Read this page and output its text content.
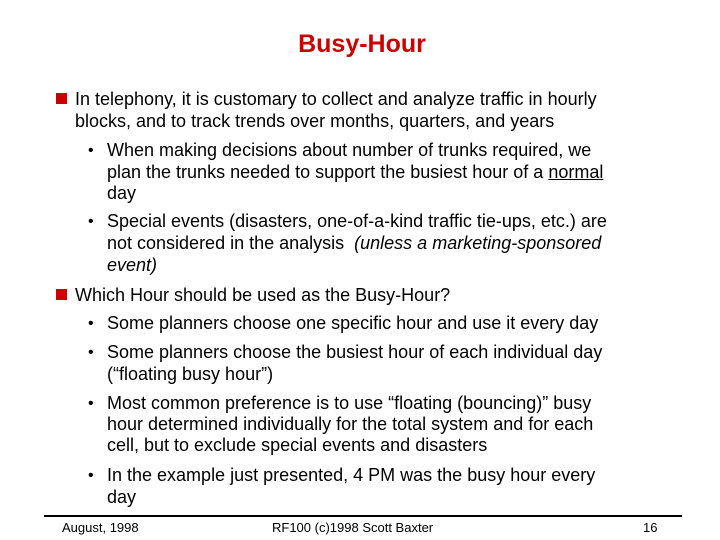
Busy-Hour
In telephony, it is customary to collect and analyze traffic in hourly
blocks, and to track trends over months, quarters, and years
• When making decisions about number of trunks required, we
plan the trunks needed to support the busiest hour of a normal
day
• Special events (disasters, one-of-a-kind traffic tie-ups, etc.) are
not considered in the analysis  (unless a marketing-sponsored
event)
Which Hour should be used as the Busy-Hour?
• Some planners choose one specific hour and use it every day
• Some planners choose the busiest hour of each individual day
(“floating busy hour”)
• Most common preference is to use “floating (bouncing)” busy
hour determined individually for the total system and for each
cell, but to exclude special events and disasters
• In the example just presented, 4 PM was the busy hour every
day
August, 1998	RF100 (c)1998 Scott Baxter	16
